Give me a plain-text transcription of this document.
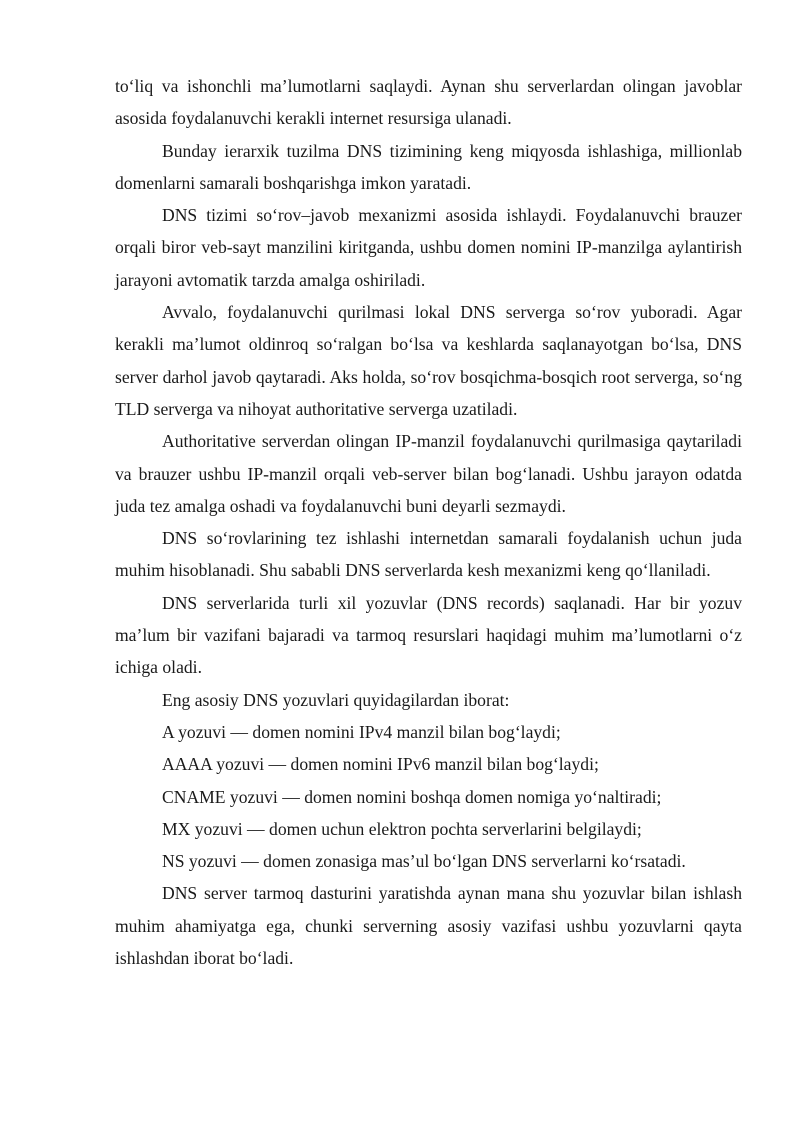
to‘liq va ishonchli ma’lumotlarni saqlaydi. Aynan shu serverlardan olingan javoblar asosida foydalanuvchi kerakli internet resursiga ulanadi.

Bunday ierarxik tuzilma DNS tizimining keng miqyosda ishlashiga, millionlab domenlarni samarali boshqarishga imkon yaratadi.

DNS tizimi so‘rov–javob mexanizmi asosida ishlaydi. Foydalanuvchi brauzer orqali biror veb-sayt manzilini kiritganda, ushbu domen nomini IP-manzilga aylantirish jarayoni avtomatik tarzda amalga oshiriladi.

Avvalo, foydalanuvchi qurilmasi lokal DNS serverga so‘rov yuboradi. Agar kerakli ma’lumot oldinroq so‘ralgan bo‘lsa va keshlarda saqlanayotgan bo‘lsa, DNS server darhol javob qaytaradi. Aks holda, so‘rov bosqichma-bosqich root serverga, so‘ng TLD serverga va nihoyat authoritative serverga uzatiladi.

Authoritative serverdan olingan IP-manzil foydalanuvchi qurilmasiga qaytariladi va brauzer ushbu IP-manzil orqali veb-server bilan bog‘lanadi. Ushbu jarayon odatda juda tez amalga oshadi va foydalanuvchi buni deyarli sezmaydi.

DNS so‘rovlarining tez ishlashi internetdan samarali foydalanish uchun juda muhim hisoblanadi. Shu sababli DNS serverlarda kesh mexanizmi keng qo‘llaniladi.

DNS serverlarida turli xil yozuvlar (DNS records) saqlanadi. Har bir yozuv ma’lum bir vazifani bajaradi va tarmoq resurslari haqidagi muhim ma’lumotlarni o‘z ichiga oladi.

Eng asosiy DNS yozuvlari quyidagilardan iborat:

A yozuvi — domen nomini IPv4 manzil bilan bog‘laydi;

AAAA yozuvi — domen nomini IPv6 manzil bilan bog‘laydi;

CNAME yozuvi — domen nomini boshqa domen nomiga yo‘naltiradi;

MX yozuvi — domen uchun elektron pochta serverlarini belgilaydi;

NS yozuvi — domen zonasiga mas’ul bo‘lgan DNS serverlarni ko‘rsatadi.

DNS server tarmoq dasturini yaratishda aynan mana shu yozuvlar bilan ishlash muhim ahamiyatga ega, chunki serverning asosiy vazifasi ushbu yozuvlarni qayta ishlashdan iborat bo‘ladi.
